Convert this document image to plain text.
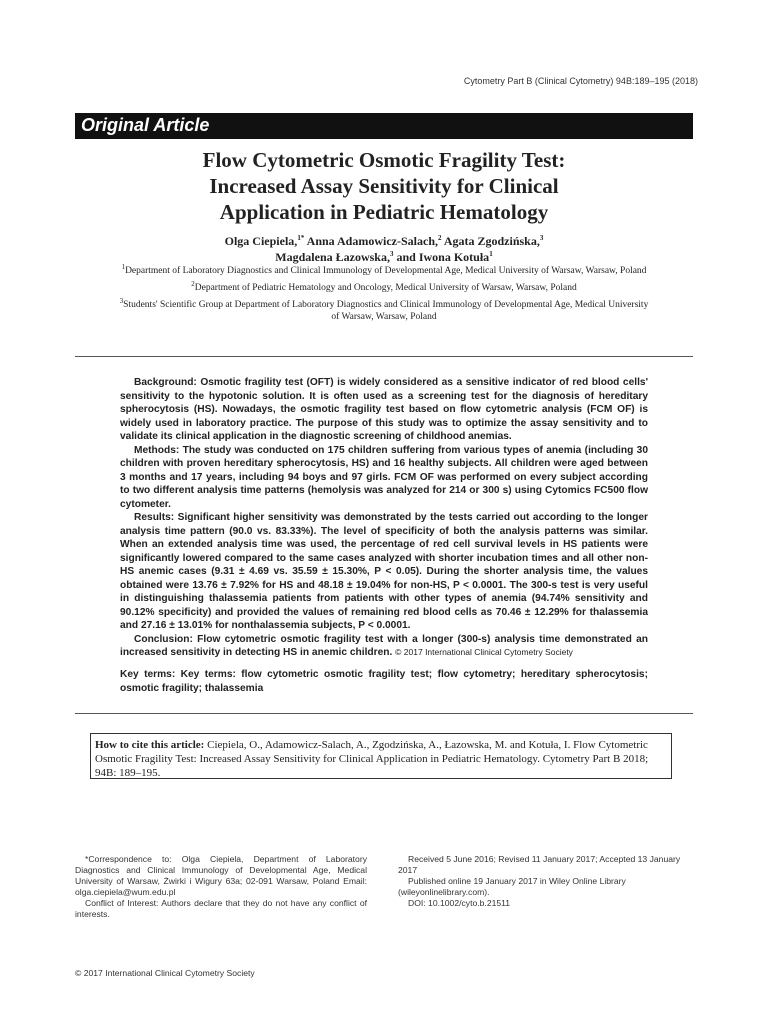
Cytometry Part B (Clinical Cytometry) 94B:189–195 (2018)
Original Article
Flow Cytometric Osmotic Fragility Test:
Increased Assay Sensitivity for Clinical
Application in Pediatric Hematology
Olga Ciepiela,$^{1*}$ Anna Adamowicz-Salach,$^2$ Agata Zgodzińska,$^3$
Magdalena Łazowska,$^3$ and Iwona Kotuła$^1$
$^1$Department of Laboratory Diagnostics and Clinical Immunology of Developmental Age, Medical University of Warsaw, Warsaw, Poland
$^2$Department of Pediatric Hematology and Oncology, Medical University of Warsaw, Warsaw, Poland
$^3$Students' Scientific Group at Department of Laboratory Diagnostics and Clinical Immunology of Developmental Age, Medical University of Warsaw, Warsaw, Poland

Background: Osmotic fragility test (OFT) is widely considered as a sensitive indicator of red blood cells' sensitivity to the hypotonic solution. It is often used as a screening test for the diagnosis of hereditary spherocytosis (HS). Nowadays, the osmotic fragility test based on flow cytometric analysis (FCM OF) is widely used in laboratory practice. The purpose of this study was to optimize the assay sensitivity and to validate its clinical application in the diagnostic screening of childhood anemias.

Methods: The study was conducted on 175 children suffering from various types of anemia (including 30 children with proven hereditary spherocytosis, HS) and 16 healthy subjects. All children were aged between 3 months and 17 years, including 94 boys and 97 girls. FCM OF was performed on every subject according to two different analysis time patterns (hemolysis was analyzed for 214 or 300 s) using Cytomics FC500 flow cytometer.

Results: Significant higher sensitivity was demonstrated by the tests carried out according to the longer analysis time pattern (90.0 vs. 83.33%). The level of specificity of both the analysis patterns was similar. When an extended analysis time was used, the percentage of red cell survival levels in HS patients were significantly lowered compared to the same cases analyzed with shorter incubation times and all other non-HS anemic cases (9.31 ± 4.69 vs. 35.59 ± 15.30%, P < 0.05). During the shorter analysis time, the values obtained were 13.76 ± 7.92% for HS and 48.18 ± 19.04% for non-HS, P < 0.0001. The 300-s test is very useful in distinguishing thalassemia patients from patients with other types of anemia (94.74% sensitivity and 90.12% specificity) and provided the values of remaining red blood cells as 70.46 ± 12.29% for thalassemia and 27.16 ± 13.01% for nonthalassemia subjects, P < 0.0001.

Conclusion: Flow cytometric osmotic fragility test with a longer (300-s) analysis time demonstrated an increased sensitivity in detecting HS in anemic children. © 2017 International Clinical Cytometry Society

Key terms: Key terms: flow cytometric osmotic fragility test; flow cytometry; hereditary spherocytosis; osmotic fragility; thalassemia
How to cite this article: Ciepiela, O., Adamowicz-Salach, A., Zgodzińska, A., Łazowska, M. and Kotuła, I. Flow Cytometric Osmotic Fragility Test: Increased Assay Sensitivity for Clinical Application in Pediatric Hematology. Cytometry Part B 2018; 94B: 189–195.

*Correspondence to: Olga Ciepiela, Department of Laboratory Diagnostics and Clinical Immunology of Developmental Age, Medical University of Warsaw, Żwirki i Wigury 63a; 02-091 Warsaw, Poland Email: olga.ciepiela@wum.edu.pl

Conflict of Interest: Authors declare that they do not have any conflict of interests.

Received 5 June 2016; Revised 11 January 2017; Accepted 13 January 2017

Published online 19 January 2017 in Wiley Online Library (wileyonlinelibrary.com).

DOI: 10.1002/cyto.b.21511

© 2017 International Clinical Cytometry Society
